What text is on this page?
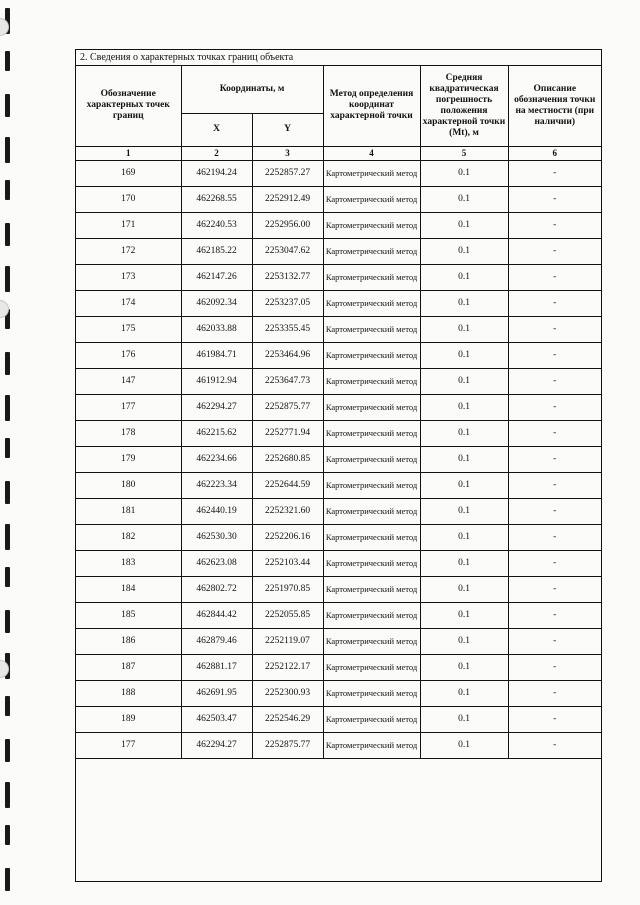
2. Сведения о характерных точках границ объекта
Обозначение характерных точек границ	Координаты, м		Метод определения координат характерной точки	Средняя квадратическая погрешность положения характерной точки (Mt), м	Описание обозначения точки на местности (при наличии)
	X	Y			
1	2	3	4	5	6
169	462194.24	2252857.27	Картометрический метод	0.1	-
170	462268.55	2252912.49	Картометрический метод	0.1	-
171	462240.53	2252956.00	Картометрический метод	0.1	-
172	462185.22	2253047.62	Картометрический метод	0.1	-
173	462147.26	2253132.77	Картометрический метод	0.1	-
174	462092.34	2253237.05	Картометрический метод	0.1	-
175	462033.88	2253355.45	Картометрический метод	0.1	-
176	461984.71	2253464.96	Картометрический метод	0.1	-
147	461912.94	2253647.73	Картометрический метод	0.1	-
177	462294.27	2252875.77	Картометрический метод	0.1	-
178	462215.62	2252771.94	Картометрический метод	0.1	-
179	462234.66	2252680.85	Картометрический метод	0.1	-
180	462223.34	2252644.59	Картометрический метод	0.1	-
181	462440.19	2252321.60	Картометрический метод	0.1	-
182	462530.30	2252206.16	Картометрический метод	0.1	-
183	462623.08	2252103.44	Картометрический метод	0.1	-
184	462802.72	2251970.85	Картометрический метод	0.1	-
185	462844.42	2252055.85	Картометрический метод	0.1	-
186	462879.46	2252119.07	Картометрический метод	0.1	-
187	462881.17	2252122.17	Картометрический метод	0.1	-
188	462691.95	2252300.93	Картометрический метод	0.1	-
189	462503.47	2252546.29	Картометрический метод	0.1	-
177	462294.27	2252875.77	Картометрический метод	0.1	-
